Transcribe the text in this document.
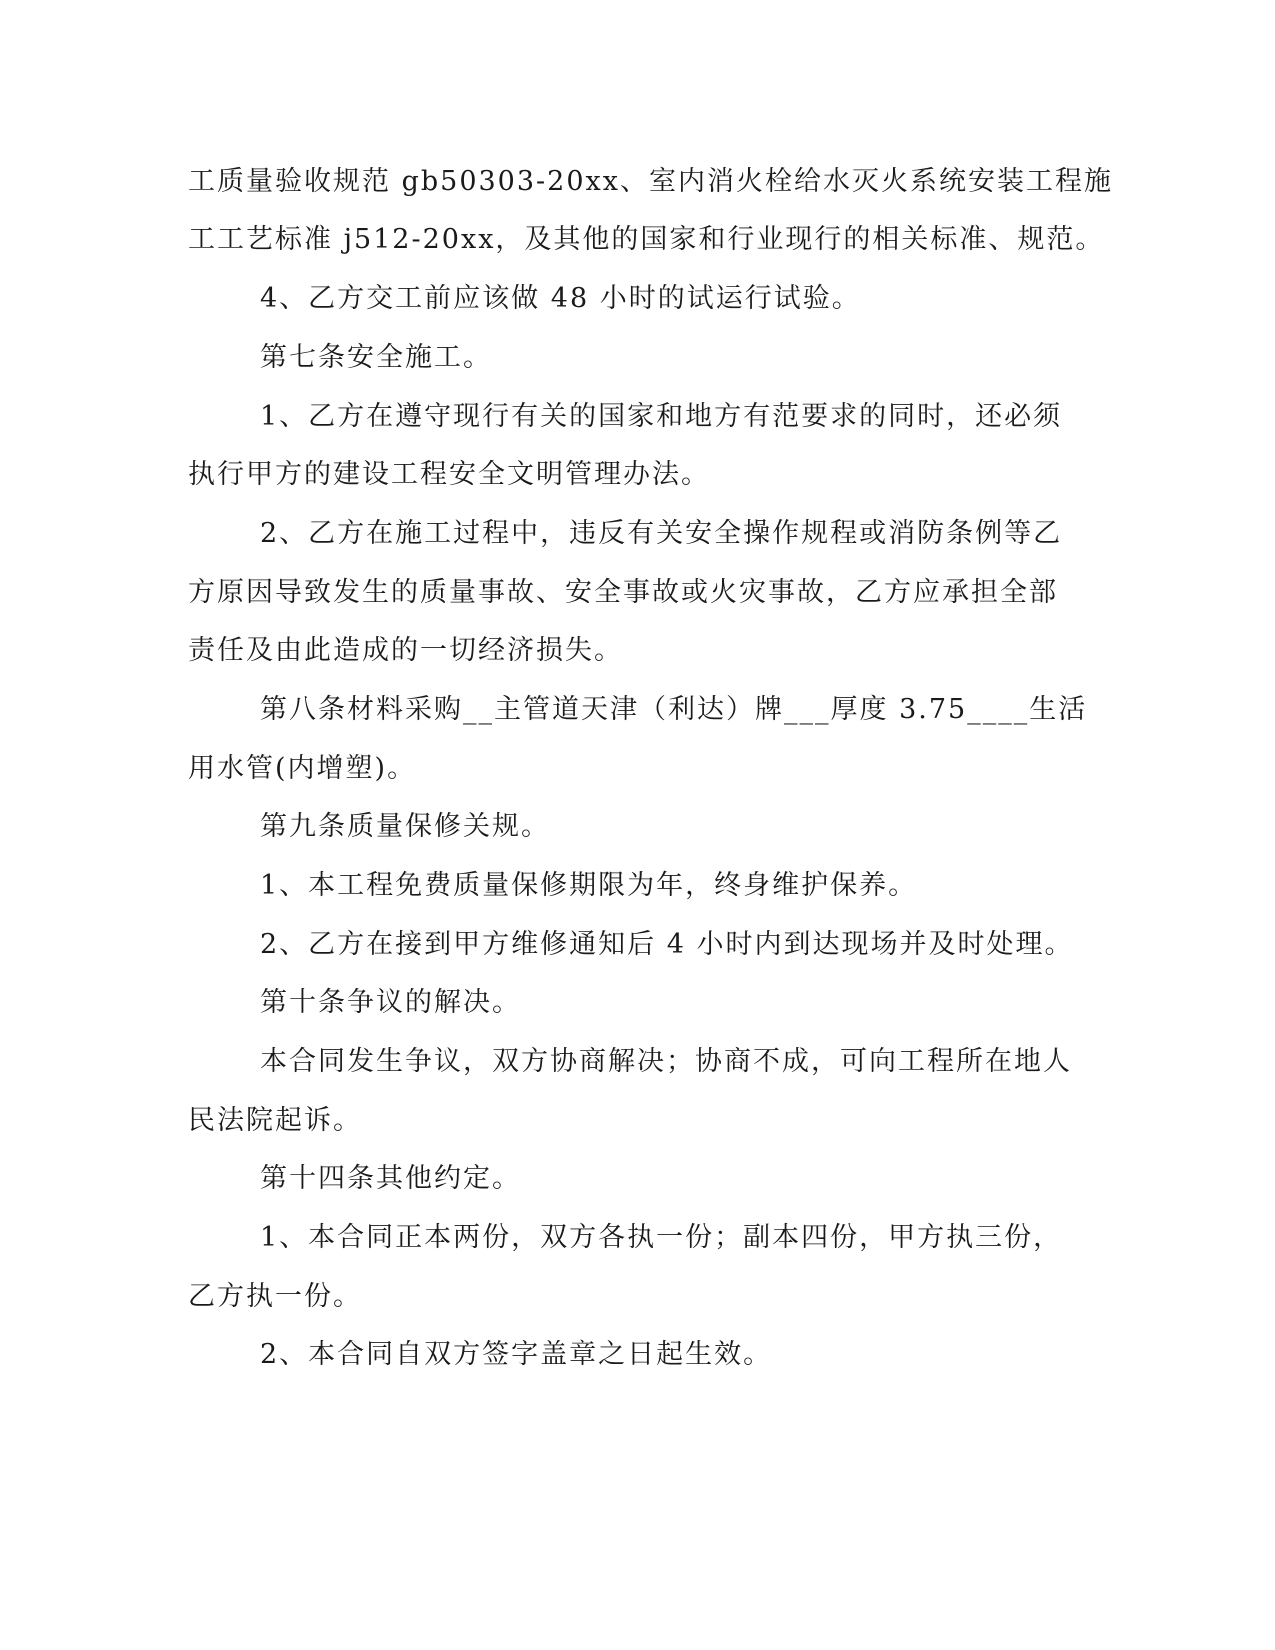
工质量验收规范 gb50303-20xx、室内消火栓给水灭火系统安装工程施
工工艺标准 j512-20xx，及其他的国家和行业现行的相关标准、规范。
4、乙方交工前应该做 48 小时的试运行试验。
第七条安全施工。
1、乙方在遵守现行有关的国家和地方有范要求的同时，还必须
执行甲方的建设工程安全文明管理办法。
2、乙方在施工过程中，违反有关安全操作规程或消防条例等乙
方原因导致发生的质量事故、安全事故或火灾事故，乙方应承担全部
责任及由此造成的一切经济损失。
第八条材料采购__主管道天津（利达）牌___厚度 3.75____生活
用水管(内增塑)。
第九条质量保修关规。
1、本工程免费质量保修期限为年，终身维护保养。
2、乙方在接到甲方维修通知后 4 小时内到达现场并及时处理。
第十条争议的解决。
本合同发生争议，双方协商解决；协商不成，可向工程所在地人
民法院起诉。
第十四条其他约定。
1、本合同正本两份，双方各执一份；副本四份，甲方执三份，
乙方执一份。
2、本合同自双方签字盖章之日起生效。
